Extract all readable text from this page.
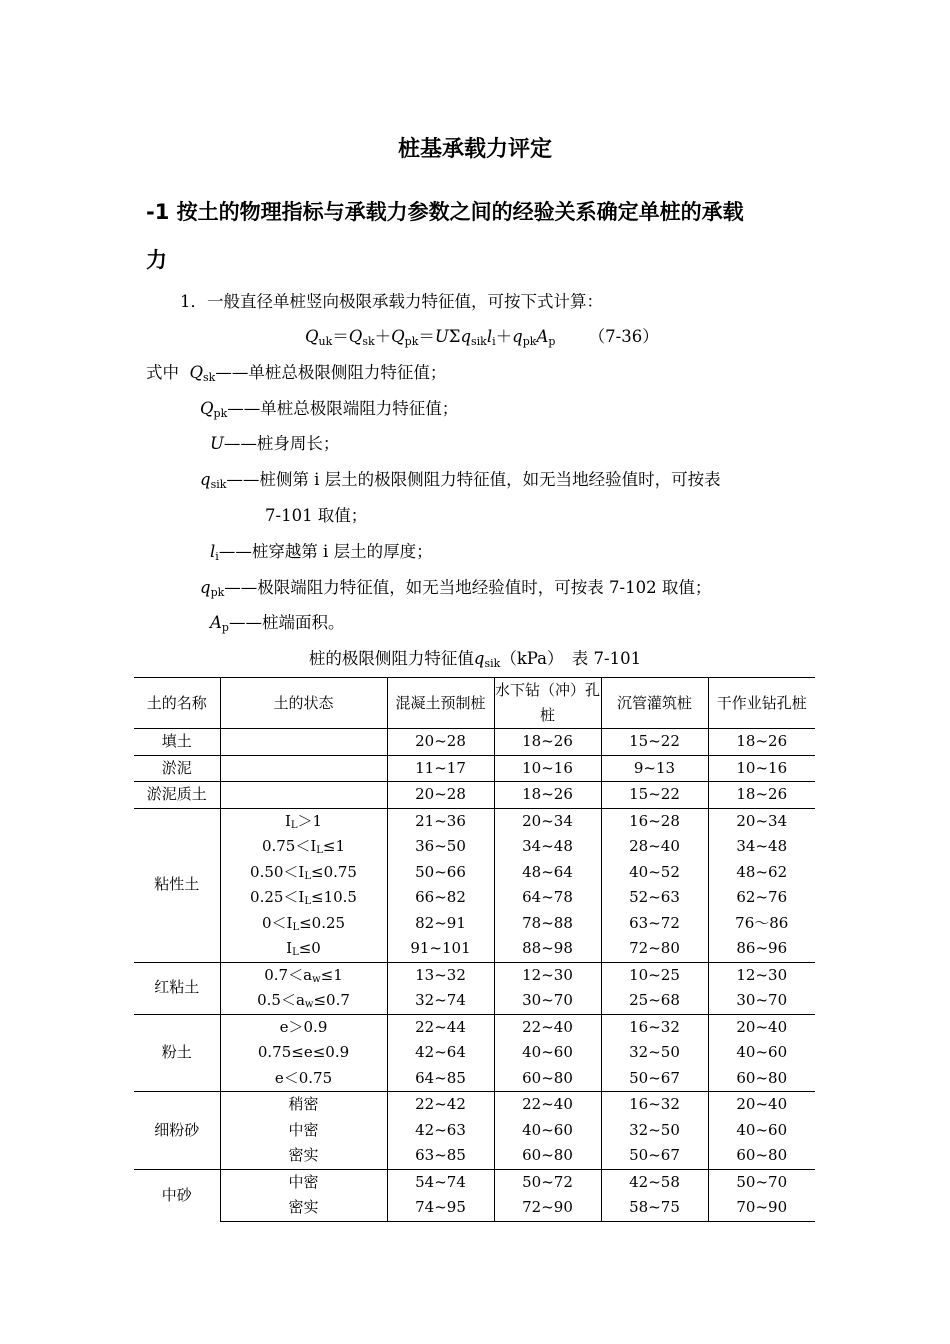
桩基承载力评定
-1 按土的物理指标与承载力参数之间的经验关系确定单桩的承载
力
1．一般直径单桩竖向极限承载力特征值，可按下式计算：
$Q_{uk}=Q_{sk}+Q_{pk}=U\Sigma q_{sik}l_i+q_{pk}A_p$ （7-36）
式中 $Q_{sk}——$单桩总极限侧阻力特征值；
$Q_{pk}——$单桩总极限端阻力特征值；
U——桩身周长；
$q_{sik}——$桩侧第 i 层土的极限侧阻力特征值，如无当地经验值时，可按表
7-101 取值；
$l_i——$桩穿越第 i 层土的厚度；
$q_{pk}——$极限端阻力特征值，如无当地经验值时，可按表 7-102 取值；
$A_p——$桩端面积。
桩的极限侧阻力特征值$q_{sik}(kPa)$　表 7-101
土的名称	土的状态	混凝土预制桩	水下钻（冲）孔桩	沉管灌筑桩	干作业钻孔桩
填土		20~28	18~26	15~22	18~26
淤泥		11~17	10~16	9~13	10~16
淤泥质土		20~28	18~26	15~22	18~26
粘性土	IL＞1	21~36	20~34	16~28	20~34
	0.75＜IL≤1	36~50	34~48	28~40	34~48
	0.50＜IL≤0.75	50~66	48~64	40~52	48~62
	0.25＜IL≤10.5	66~82	64~78	52~63	62~76
	0＜IL≤0.25	82~91	78~88	63~72	76～86
	IL≤0	91~101	88~98	72~80	86~96
红粘土	0.7＜aw≤1	13~32	12~30	10~25	12~30
	0.5＜aw≤0.7	32~74	30~70	25~68	30~70
粉土	e＞0.9	22~44	22~40	16~32	20~40
	0.75≤e≤0.9	42~64	40~60	32~50	40~60
	e＜0.75	64~85	60~80	50~67	60~80
细粉砂	稍密	22~42	22~40	16~32	20~40
	中密	42~63	40~60	32~50	40~60
	密实	63~85	60~80	50~67	60~80
中砂	中密	54~74	50~72	42~58	50~70
	密实	74~95	72~90	58~75	70~90
